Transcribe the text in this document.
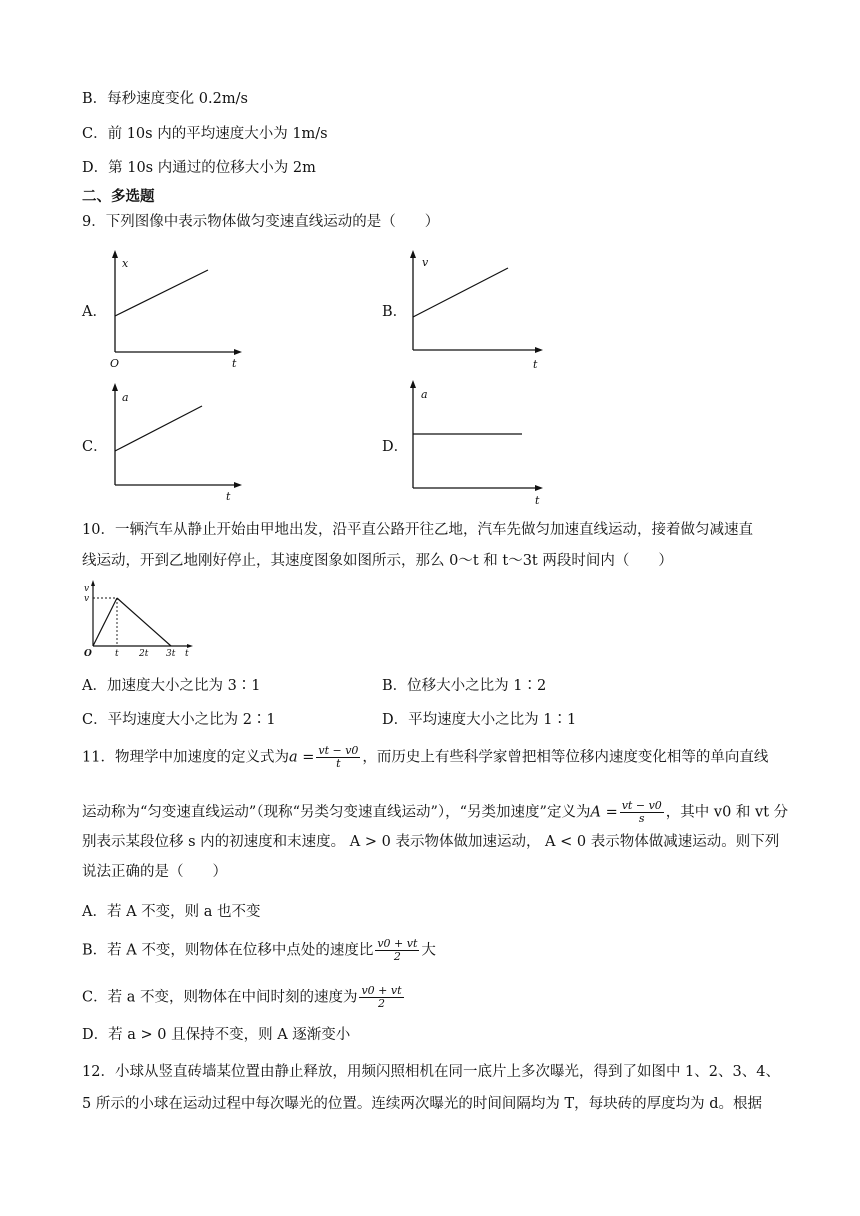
B．每秒速度变化 0.2m/s
C．前 10s 内的平均速度大小为 1m/s
D．第 10s 内通过的位移大小为 2m
二、多选题
9．下列图像中表示物体做匀变速直线运动的是（　　）
A．
x
t
O
B．
v
t
C．
a
t
D．
a
t
10．一辆汽车从静止开始由甲地出发，沿平直公路开往乙地，汽车先做匀加速直线运动，接着做匀减速直
线运动，开到乙地刚好停止，其速度图象如图所示，那么 0～t 和 t～3t 两段时间内（　　）
v
v
O	t 2t 3t t
A．加速度大小之比为 3∶1	B．位移大小之比为 1∶2
C．平均速度大小之比为 2∶1	D．平均速度大小之比为 1∶1
11．物理学中加速度的定义式为$a = \frac{vt - v0}{t}$ ，而历史上有些科学家曾把相等位移内速度变化相等的单向直线
运动称为“匀变速直线运动”（现称“另类匀变速直线运动”），“另类加速度”定义为$A = \frac{vt - v0}{s}$ ，其中 v0 和 vt 分
别表示某段位移 s 内的初速度和末速度。 A > 0 表示物体做加速运动， A < 0 表示物体做减速运动。则下列
说法正确的是（　　）
A．若 A 不变，则 a 也不变
B．若 A 不变，则物体在位移中点处的速度比 $\frac{v0 + vt}{2}$ 大
C．若 a 不变，则物体在中间时刻的速度为 $\frac{v0 + vt}{2}$
D．若 a > 0 且保持不变，则 A 逐渐变小
12．小球从竖直砖墙某位置由静止释放，用频闪照相机在同一底片上多次曝光，得到了如图中 1、2、3、4、
5 所示的小球在运动过程中每次曝光的位置。连续两次曝光的时间间隔均为 T，每块砖的厚度均为 d。根据
